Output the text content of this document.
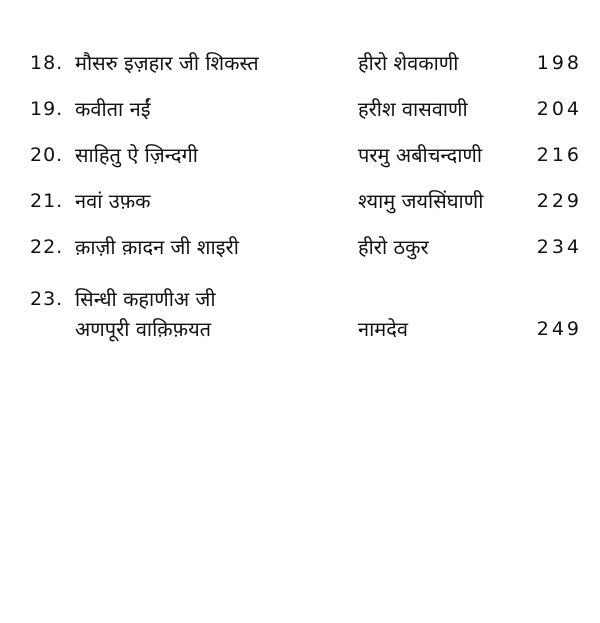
18. मौसरु इज़हार जी शिकस्त	हीरो शेवकाणी	198
19. कवीता नईं	हरीश वासवाणी	204
20. साहितु ऐ ज़िन्दगी	परमु अबीचन्दाणी	216
21. नवां उफ़क	श्यामु जयसिंघाणी	229
22. क़ाज़ी क़ादन जी शाइरी	हीरो ठकुर	234
23. सिन्धी कहाणीअ जी
अणपूरी वाक़िफ़यत	नामदेव	249
